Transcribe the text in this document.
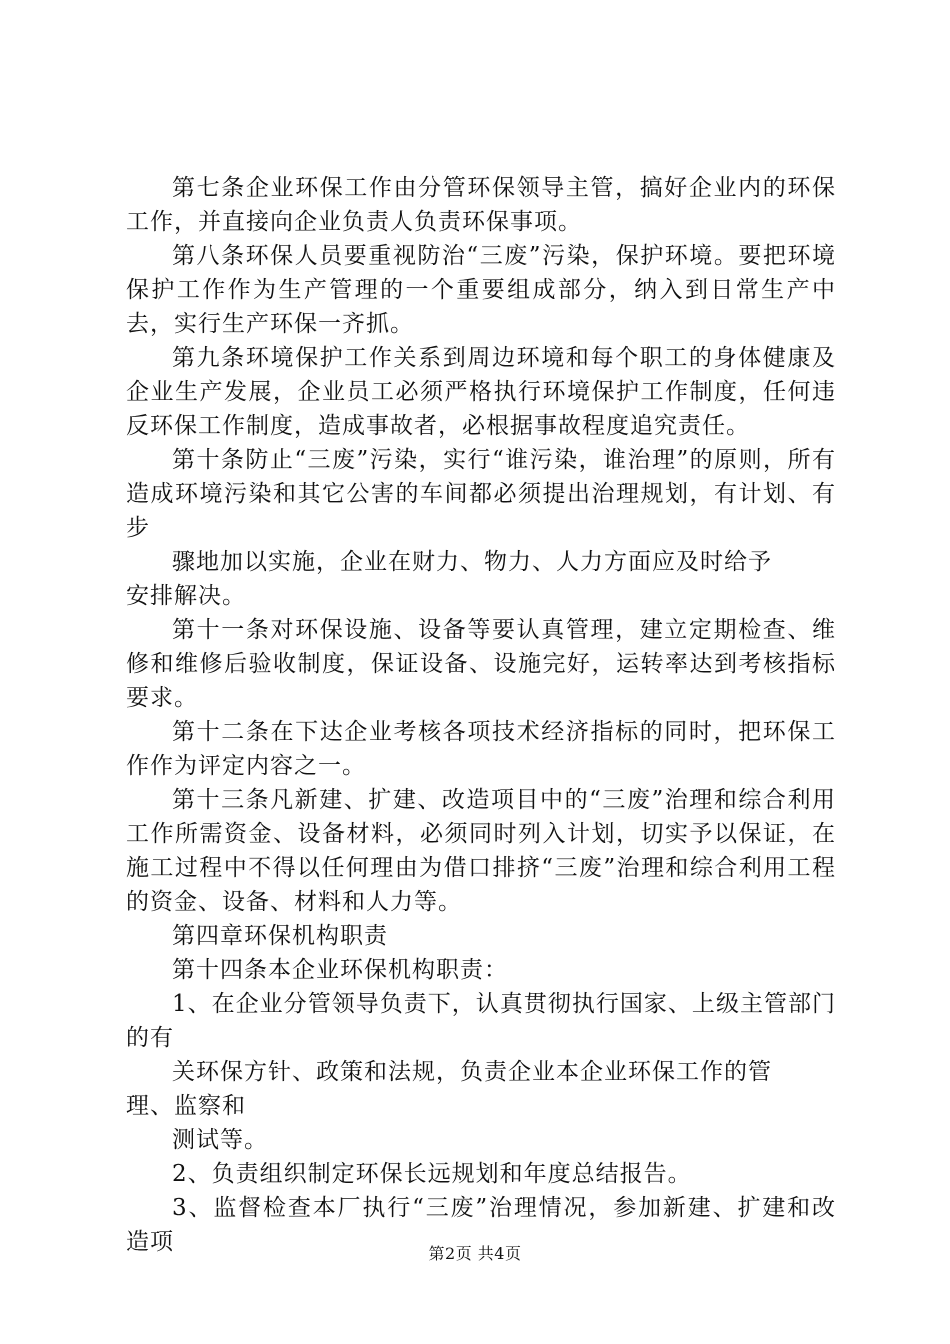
第七条企业环保工作由分管环保领导主管，搞好企业内的环保工作，并直接向企业负责人负责环保事项。

第八条环保人员要重视防治“三废”污染，保护环境。要把环境保护工作作为生产管理的一个重要组成部分，纳入到日常生产中去，实行生产环保一齐抓。

第九条环境保护工作关系到周边环境和每个职工的身体健康及企业生产发展，企业员工必须严格执行环境保护工作制度，任何违反环保工作制度，造成事故者，必根据事故程度追究责任。

第十条防止“三废”污染，实行“谁污染，谁治理”的原则，所有造成环境污染和其它公害的车间都必须提出治理规划，有计划、有步

骤地加以实施，企业在财力、物力、人力方面应及时给予

安排解决。

第十一条对环保设施、设备等要认真管理，建立定期检查、维修和维修后验收制度，保证设备、设施完好，运转率达到考核指标要求。

第十二条在下达企业考核各项技术经济指标的同时，把环保工作作为评定内容之一。

第十三条凡新建、扩建、改造项目中的“三废”治理和综合利用工作所需资金、设备材料，必须同时列入计划，切实予以保证，在施工过程中不得以任何理由为借口排挤“三废”治理和综合利用工程的资金、设备、材料和人力等。

第四章环保机构职责

第十四条本企业环保机构职责：

1、在企业分管领导负责下，认真贯彻执行国家、上级主管部门的有

关环保方针、政策和法规，负责企业本企业环保工作的管

理、监察和

测试等。

2、负责组织制定环保长远规划和年度总结报告。

3、监督检查本厂执行“三废”治理情况，参加新建、扩建和改造项	第2页 共4页
